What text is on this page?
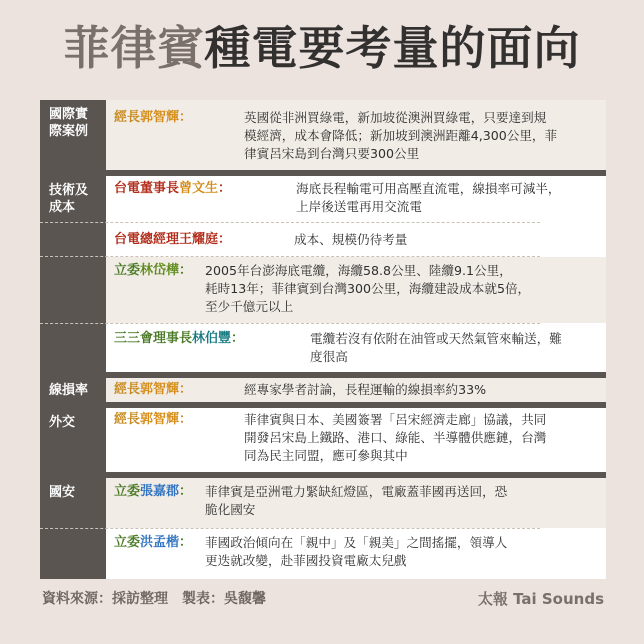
菲律賓種電要考量的面向
國際實
際案例
經長郭智輝：	英國從非洲買綠電，新加坡從澳洲買綠電，只要達到規
模經濟，成本會降低；新加坡到澳洲距離4,300公里，菲
律賓呂宋島到台灣只要300公里
技術及
成本
台電董事長曾文生：	海底長程輸電可用高壓直流電，線損率可減半，
上岸後送電再用交流電
台電總經理王耀庭：	成本、規模仍待考量
立委林岱樺： 2005年台澎海底電纜，海纜58.8公里、陸纜9.1公里，
耗時13年；菲律賓到台灣300公里，海纜建設成本就5倍，
至少千億元以上
三三會理事長林伯豐：	電纜若沒有依附在油管或天然氣管來輸送，難
度很高
線損率	經長郭智輝：	經專家學者討論，長程運輸的線損率約33%
外交	經長郭智輝：	菲律賓與日本、美國簽署「呂宋經濟走廊」協議，共同
開發呂宋島上鐵路、港口、綠能、半導體供應鏈，台灣
同為民主同盟，應可參與其中
國安	立委張嘉郡： 菲律賓是亞洲電力緊缺紅燈區，電廠蓋菲國再送回，恐
脆化國安
立委洪孟楷： 菲國政治傾向在「親中」及「親美」之間搖擺，領導人
更迭就改變，赴菲國投資電廠太兒戲
資料來源：採訪整理 製表：吳馥馨	太報 Tai Sounds
